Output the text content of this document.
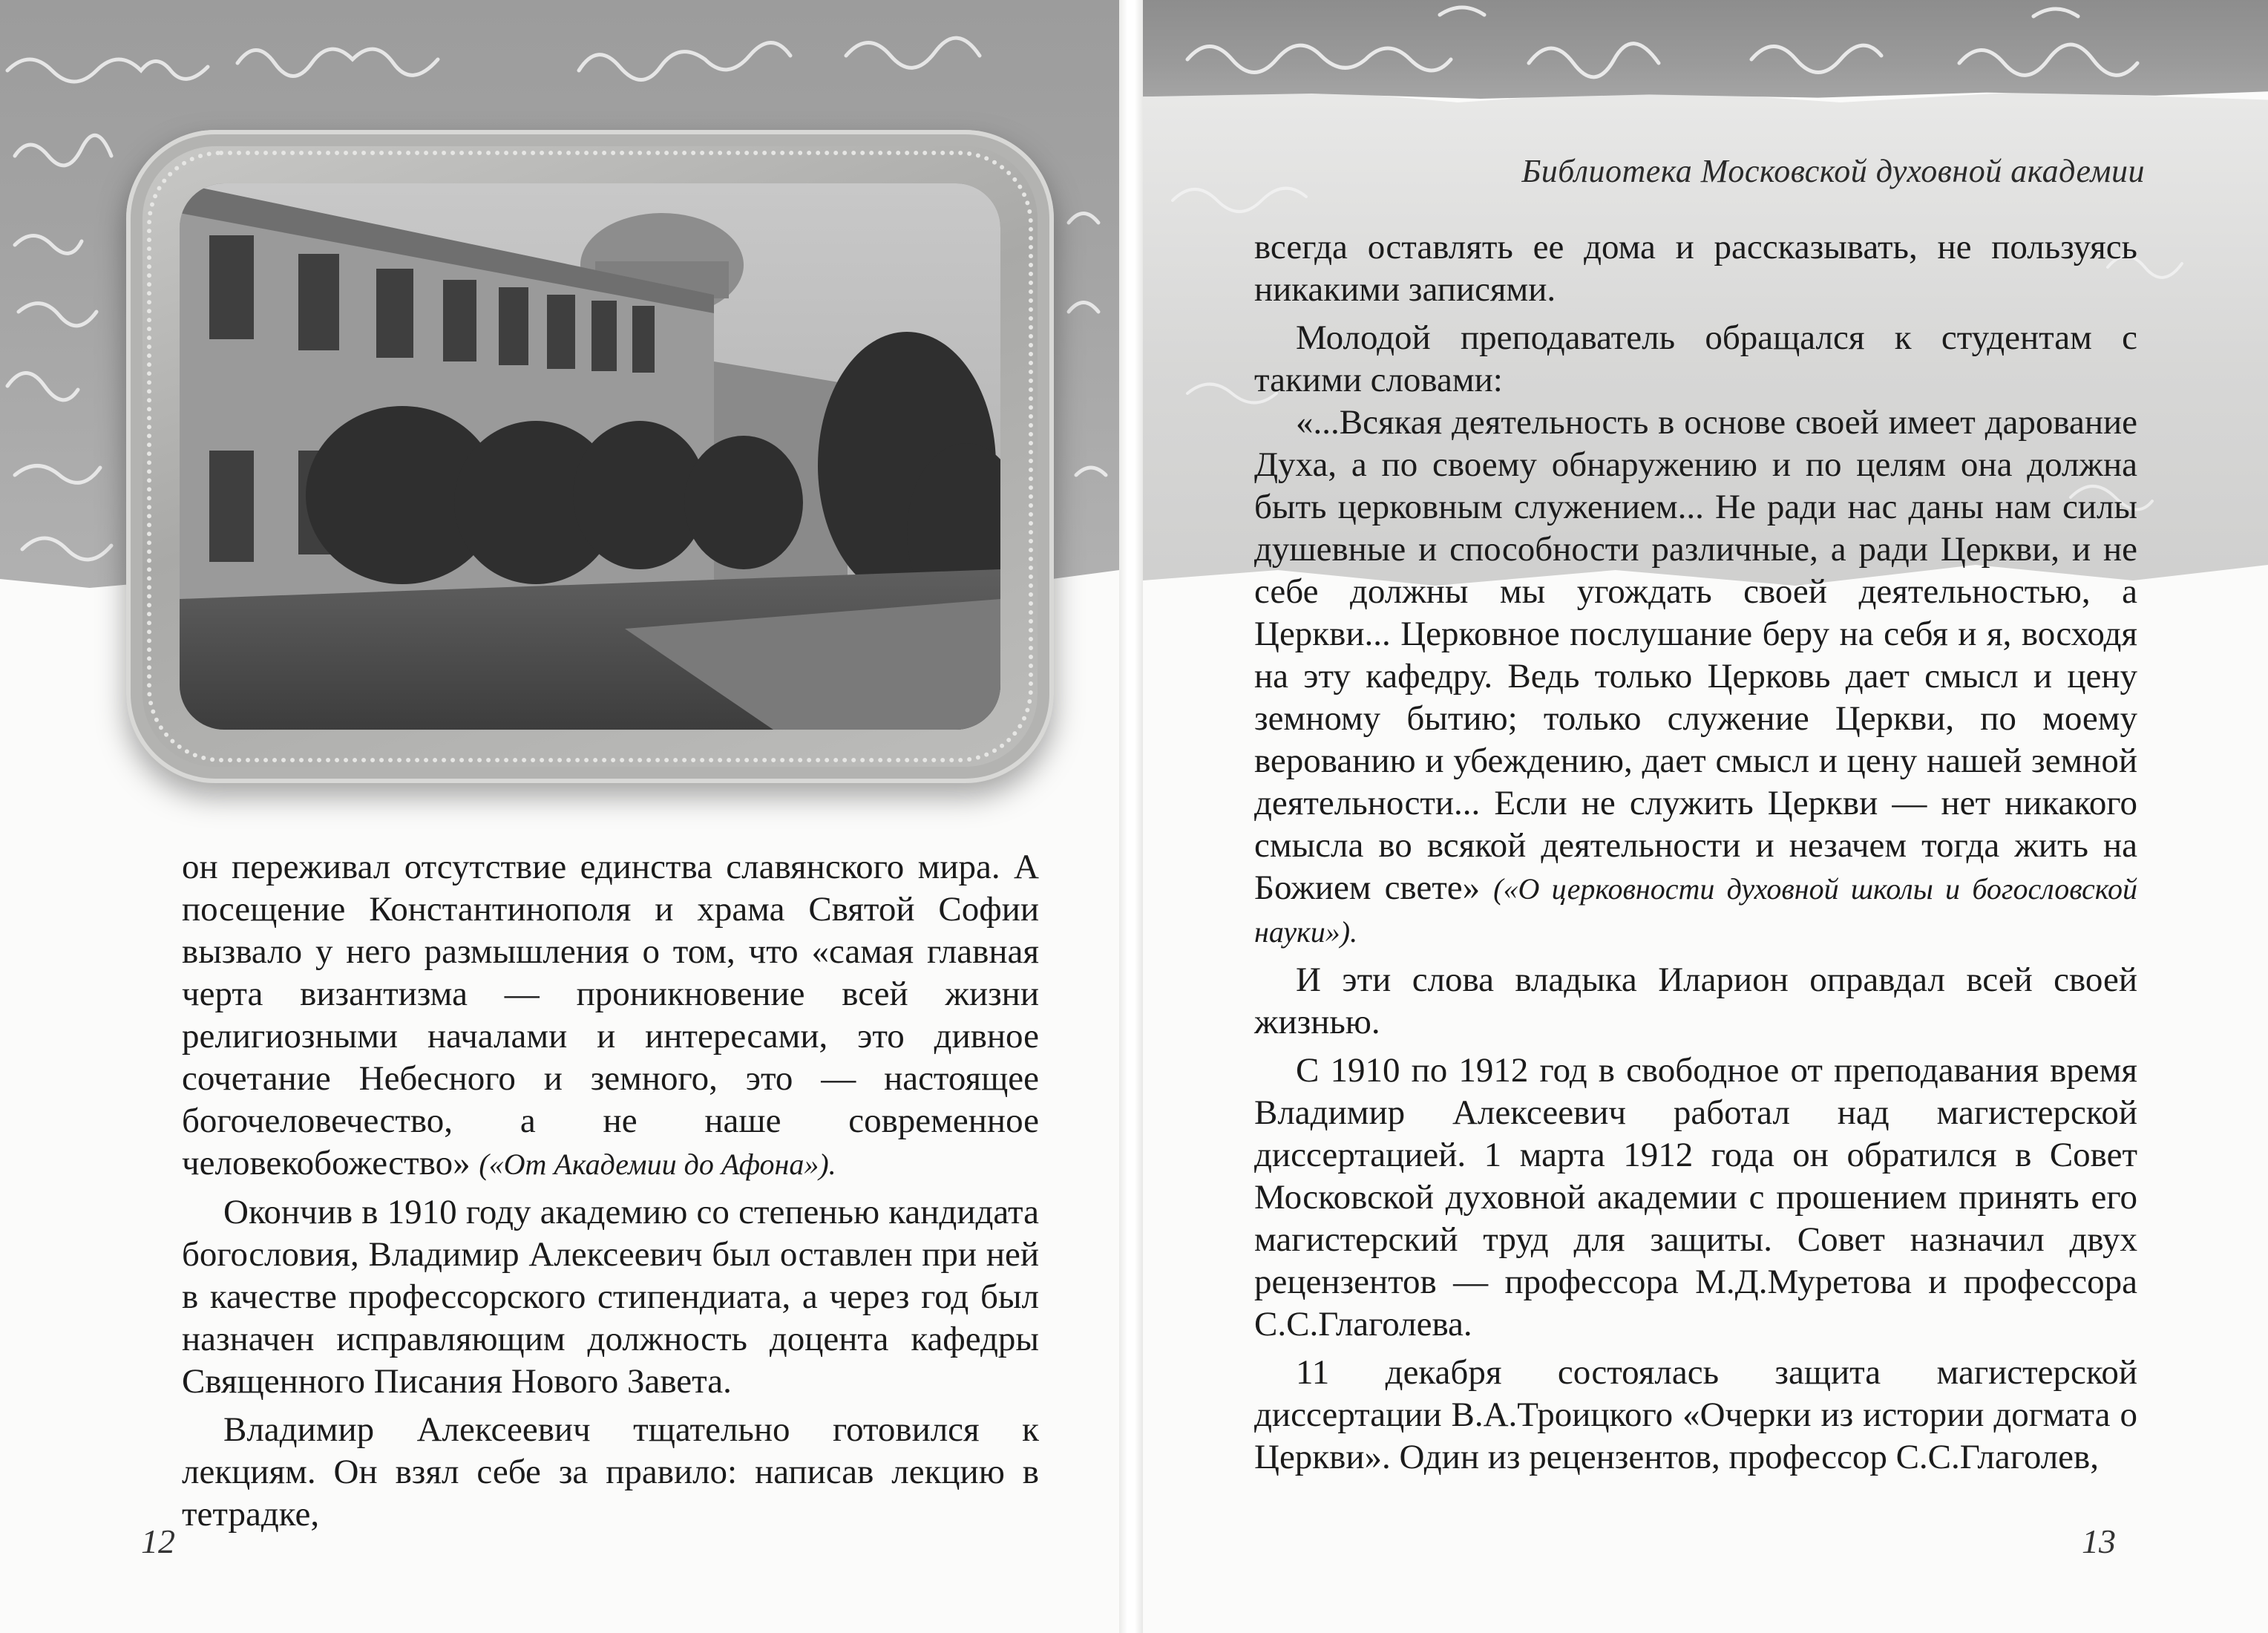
он переживал отсутствие единства славянского мира. А посещение Константинополя и храма Святой Софии вызвало у него размышления о том, что «самая главная черта византизма — проникновение всей жизни религиозными началами и интересами, это дивное сочетание Небесного и земного, это — настоящее богочеловечество, а не наше современное человекобожество» («От Академии до Афона»).

Окончив в 1910 году академию со степенью кандидата богословия, Владимир Алексеевич был оставлен при ней в качестве профессорского стипендиата, а через год был назначен исправляющим должность доцента кафедры Священного Писания Нового Завета.

Владимир Алексеевич тщательно готовился к лекциям. Он взял себе за правило: написав лекцию в тетрадке,

12
Библиотека Московской духовной академии

всегда оставлять ее дома и рассказывать, не пользуясь никакими записями.

Молодой преподаватель обращался к студентам с такими словами:

«...Всякая деятельность в основе своей имеет дарование Духа, а по своему обнаружению и по целям она должна быть церковным служением... Не ради нас даны нам силы душевные и способности различные, а ради Церкви, и не себе должны мы угождать своей деятельностью, а Церкви... Церковное послушание беру на себя и я, восходя на эту кафедру. Ведь только Церковь дает смысл и цену земному бытию; только служение Церкви, по моему верованию и убеждению, дает смысл и цену нашей земной деятельности... Если не служить Церкви — нет никакого смысла во всякой деятельности и незачем тогда жить на Божием свете» («О церковности духовной школы и богословской науки»).

И эти слова владыка Иларион оправдал всей своей жизнью.

С 1910 по 1912 год в свободное от преподавания время Владимир Алексеевич работал над магистерской диссертацией. 1 марта 1912 года он обратился в Совет Московской духовной академии с прошением принять его магистерский труд для защиты. Совет назначил двух рецензентов — профессора М.Д.Муретова и профессора С.С.Глаголева.

11 декабря состоялась защита магистерской диссертации В.А.Троицкого «Очерки из истории догмата о Церкви». Один из рецензентов, профессор С.С.Глаголев,

13
